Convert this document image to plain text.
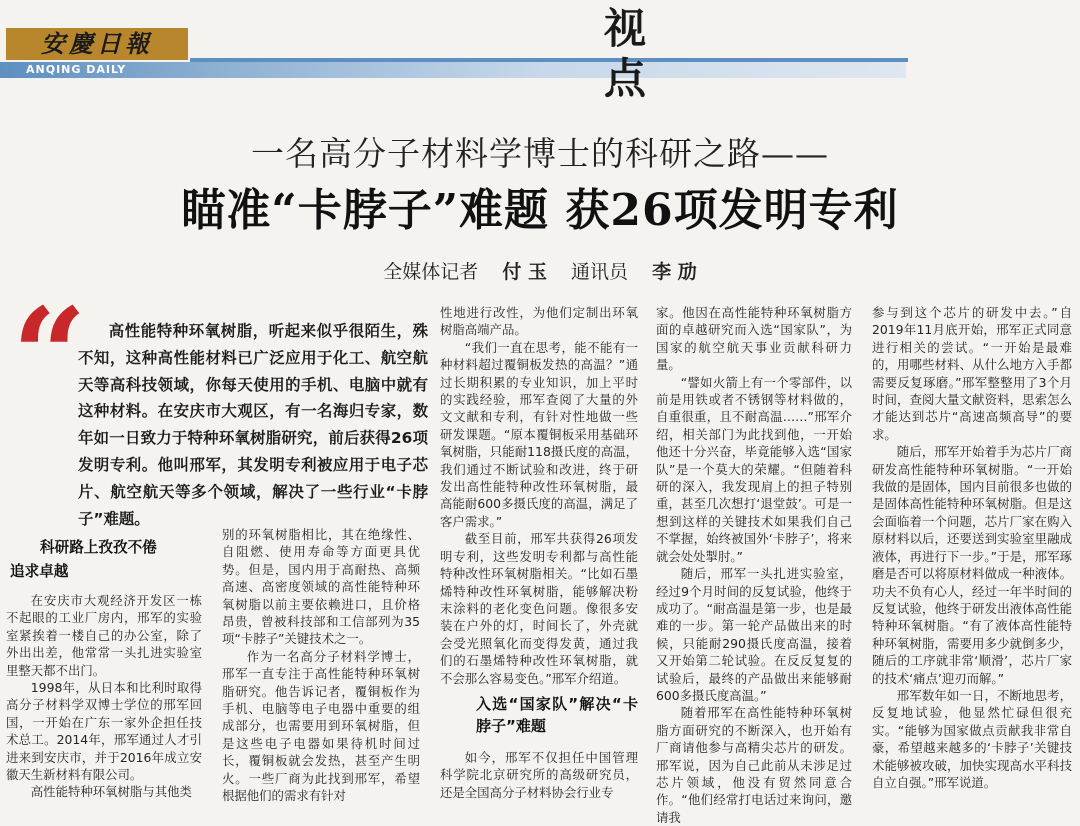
安慶日報
ANQING DAILY
视点
一名高分子材料学博士的科研之路——
瞄准“卡脖子”难题 获26项发明专利
全媒体记者 付 玉 通讯员 李 劢
“	高性能特种环氧树脂，听起来似乎很陌生，殊不知，这种高性能材料已广泛应用于化工、航空航天等高科技领域，你每天使用的手机、电脑中就有这种材料。在安庆市大观区，有一名海归专家，数年如一日致力于特种环氧树脂研究，前后获得26项发明专利。他叫邢军，其发明专利被应用于电子芯片、航空航天等多个领域，解决了一些行业“卡脖子”难题。
科研路上孜孜不倦
追求卓越

在安庆市大观经济开发区一栋不起眼的工业厂房内，邢军的实验室紧挨着一楼自己的办公室，除了外出出差，他常常一头扎进实验室里整天都不出门。

1998年，从日本和比利时取得高分子材料学双博士学位的邢军回国，一开始在广东一家外企担任技术总工。2014年，邢军通过人才引进来到安庆市，并于2016年成立安徽天生新材料有限公司。

高性能特种环氧树脂与其他类

别的环氧树脂相比，其在绝缘性、自阻燃、使用寿命等方面更具优势。但是，国内用于高耐热、高频高速、高密度领域的高性能特种环氧树脂以前主要依赖进口，且价格昂贵，曾被科技部和工信部列为35项“卡脖子”关键技术之一。

作为一名高分子材料学博士，邢军一直专注于高性能特种环氧树脂研究。他告诉记者，覆铜板作为手机、电脑等电子电器中重要的组成部分，也需要用到环氧树脂，但是这些电子电器如果待机时间过长，覆铜板就会发热，甚至产生明火。一些厂商为此找到邢军，希望根据他们的需求有针对

性地进行改性，为他们定制出环氧树脂高端产品。

“我们一直在思考，能不能有一种材料超过覆铜板发热的高温？”通过长期积累的专业知识，加上平时的实践经验，邢军查阅了大量的外文文献和专利，有针对性地做一些研发课题。“原本覆铜板采用基础环氧树脂，只能耐118摄氏度的高温，我们通过不断试验和改进，终于研发出高性能特种改性环氧树脂，最高能耐600多摄氏度的高温，满足了客户需求。”

截至目前，邢军共获得26项发明专利，这些发明专利都与高性能特种改性环氧树脂相关。“比如石墨烯特种改性环氧树脂，能够解决粉末涂料的老化变色问题。像很多安装在户外的灯，时间长了，外壳就会受光照氧化而变得发黄，通过我们的石墨烯特种改性环氧树脂，就不会那么容易变色。”邢军介绍道。

入选“国家队”解决“卡脖子”难题

如今，邢军不仅担任中国管理科学院北京研究所的高级研究员，还是全国高分子材料协会行业专

家。他因在高性能特种环氧树脂方面的卓越研究而入选“国家队”，为国家的航空航天事业贡献科研力量。

“譬如火箭上有一个零部件，以前是用铁或者不锈钢等材料做的，自重很重，且不耐高温……”邢军介绍，相关部门为此找到他，一开始他还十分兴奋，毕竟能够入选“国家队”是一个莫大的荣耀。“但随着科研的深入，我发现肩上的担子特别重，甚至几次想打‘退堂鼓’。可是一想到这样的关键技术如果我们自己不掌握，始终被国外‘卡脖子’，将来就会处处掣肘。”

随后，邢军一头扎进实验室，经过9个月时间的反复试验，他终于成功了。“耐高温是第一步，也是最难的一步。第一轮产品做出来的时候，只能耐290摄氏度高温，接着又开始第二轮试验。在反反复复的试验后，最终的产品做出来能够耐600多摄氏度高温。”

随着邢军在高性能特种环氧树脂方面研究的不断深入，也开始有厂商请他参与高精尖芯片的研发。邢军说，因为自己此前从未涉足过芯片领域，他没有贸然同意合作。“他们经常打电话过来询问，邀请我

参与到这个芯片的研发中去。”自2019年11月底开始，邢军正式同意进行相关的尝试。“一开始是最难的，用哪些材料、从什么地方入手都需要反复琢磨。”邢军整整用了3个月时间，查阅大量文献资料，思索怎么才能达到芯片“高速高频高导”的要求。

随后，邢军开始着手为芯片厂商研发高性能特种环氧树脂。“一开始我做的是固体，国内目前很多也做的是固体高性能特种环氧树脂。但是这会面临着一个问题，芯片厂家在购入原材料以后，还要送到实验室里融成液体，再进行下一步。”于是，邢军琢磨是否可以将原材料做成一种液体。功夫不负有心人，经过一年半时间的反复试验，他终于研发出液体高性能特种环氧树脂。“有了液体高性能特种环氧树脂，需要用多少就倒多少，随后的工序就非常‘顺滑’，芯片厂家的技术‘痛点’迎刃而解。”

邢军数年如一日，不断地思考，反复地试验，他显然忙碌但很充实。“能够为国家做点贡献我非常自豪，希望越来越多的‘卡脖子’关键技术能够被攻破，加快实现高水平科技自立自强。”邢军说道。
